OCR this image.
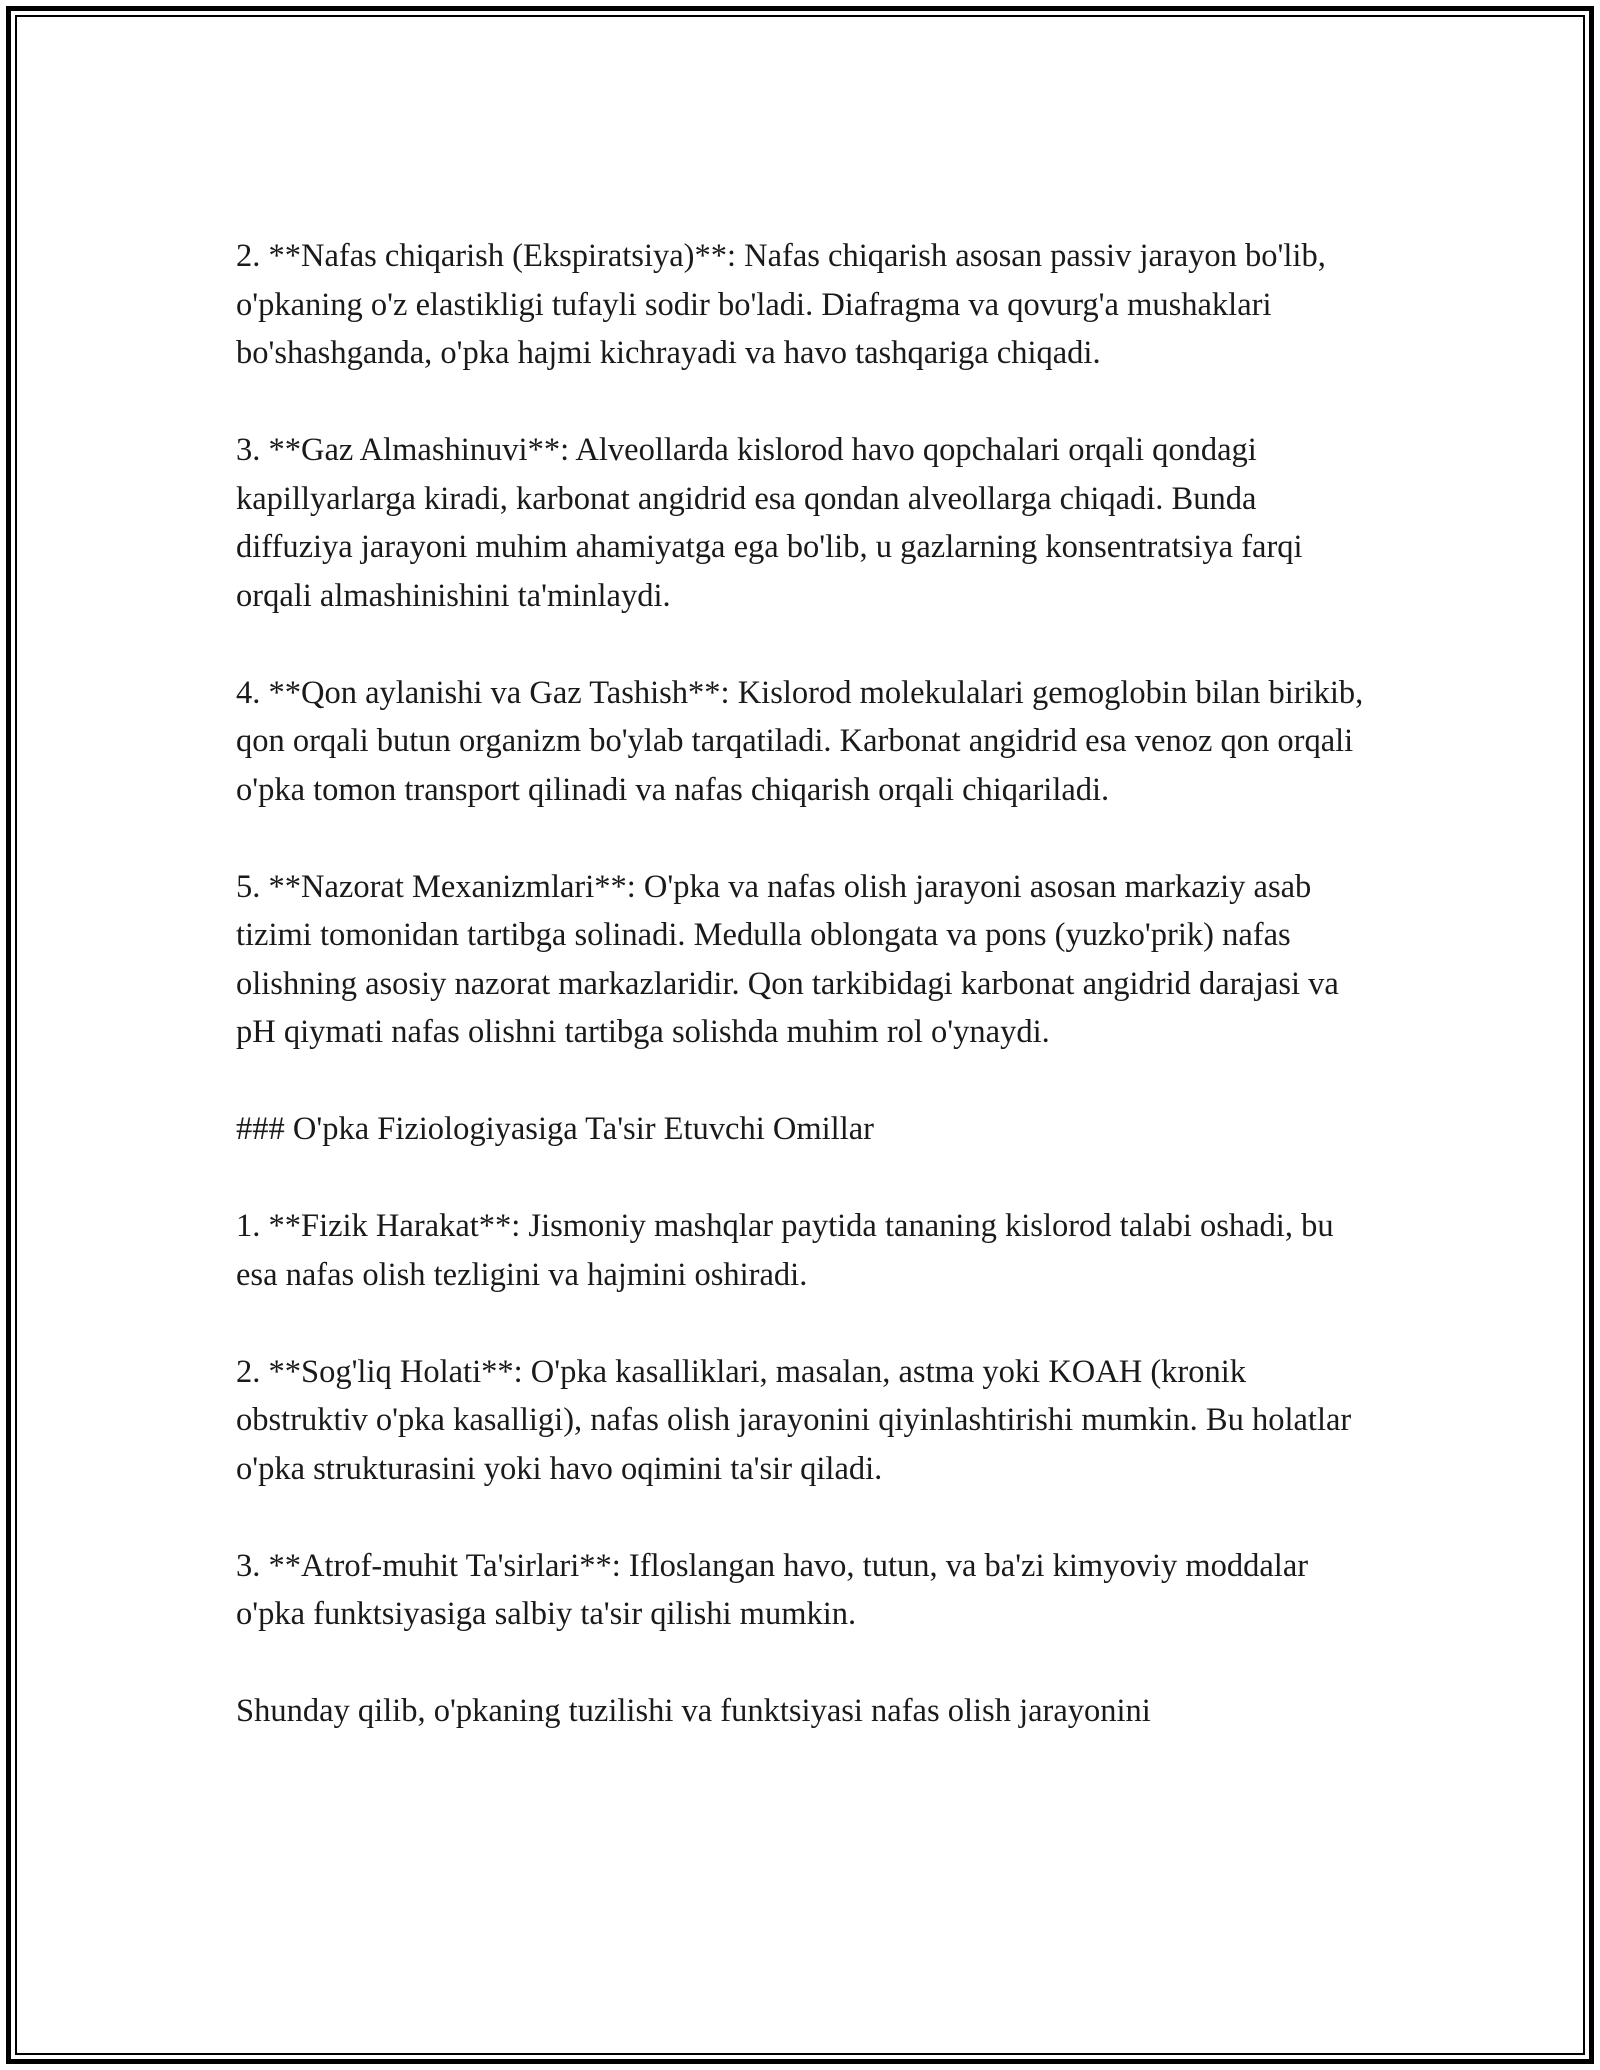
2. **Nafas chiqarish (Ekspiratsiya)**: Nafas chiqarish asosan passiv jarayon bo'lib, o'pkaning o'z elastikligi tufayli sodir bo'ladi. Diafragma va qovurg'a mushaklari bo'shashganda, o'pka hajmi kichrayadi va havo tashqariga chiqadi.

3. **Gaz Almashinuvi**: Alveollarda kislorod havo qopchalari orqali qondagi kapillyarlarga kiradi, karbonat angidrid esa qondan alveollarga chiqadi. Bunda diffuziya jarayoni muhim ahamiyatga ega bo'lib, u gazlarning konsentratsiya farqi orqali almashinishini ta'minlaydi.

4. **Qon aylanishi va Gaz Tashish**: Kislorod molekulalari gemoglobin bilan birikib, qon orqali butun organizm bo'ylab tarqatiladi. Karbonat angidrid esa venoz qon orqali o'pka tomon transport qilinadi va nafas chiqarish orqali chiqariladi.

5. **Nazorat Mexanizmlari**: O'pka va nafas olish jarayoni asosan markaziy asab tizimi tomonidan tartibga solinadi. Medulla oblongata va pons (yuzko'prik) nafas olishning asosiy nazorat markazlaridir. Qon tarkibidagi karbonat angidrid darajasi va pH qiymati nafas olishni tartibga solishda muhim rol o'ynaydi.

### O'pka Fiziologiyasiga Ta'sir Etuvchi Omillar

1. **Fizik Harakat**: Jismoniy mashqlar paytida tananing kislorod talabi oshadi, bu esa nafas olish tezligini va hajmini oshiradi.

2. **Sog'liq Holati**: O'pka kasalliklari, masalan, astma yoki KOAH (kronik obstruktiv o'pka kasalligi), nafas olish jarayonini qiyinlashtirishi mumkin. Bu holatlar o'pka strukturasini yoki havo oqimini ta'sir qiladi.

3. **Atrof-muhit Ta'sirlari**: Ifloslangan havo, tutun, va ba'zi kimyoviy moddalar o'pka funktsiyasiga salbiy ta'sir qilishi mumkin.

Shunday qilib, o'pkaning tuzilishi va funktsiyasi nafas olish jarayonini
